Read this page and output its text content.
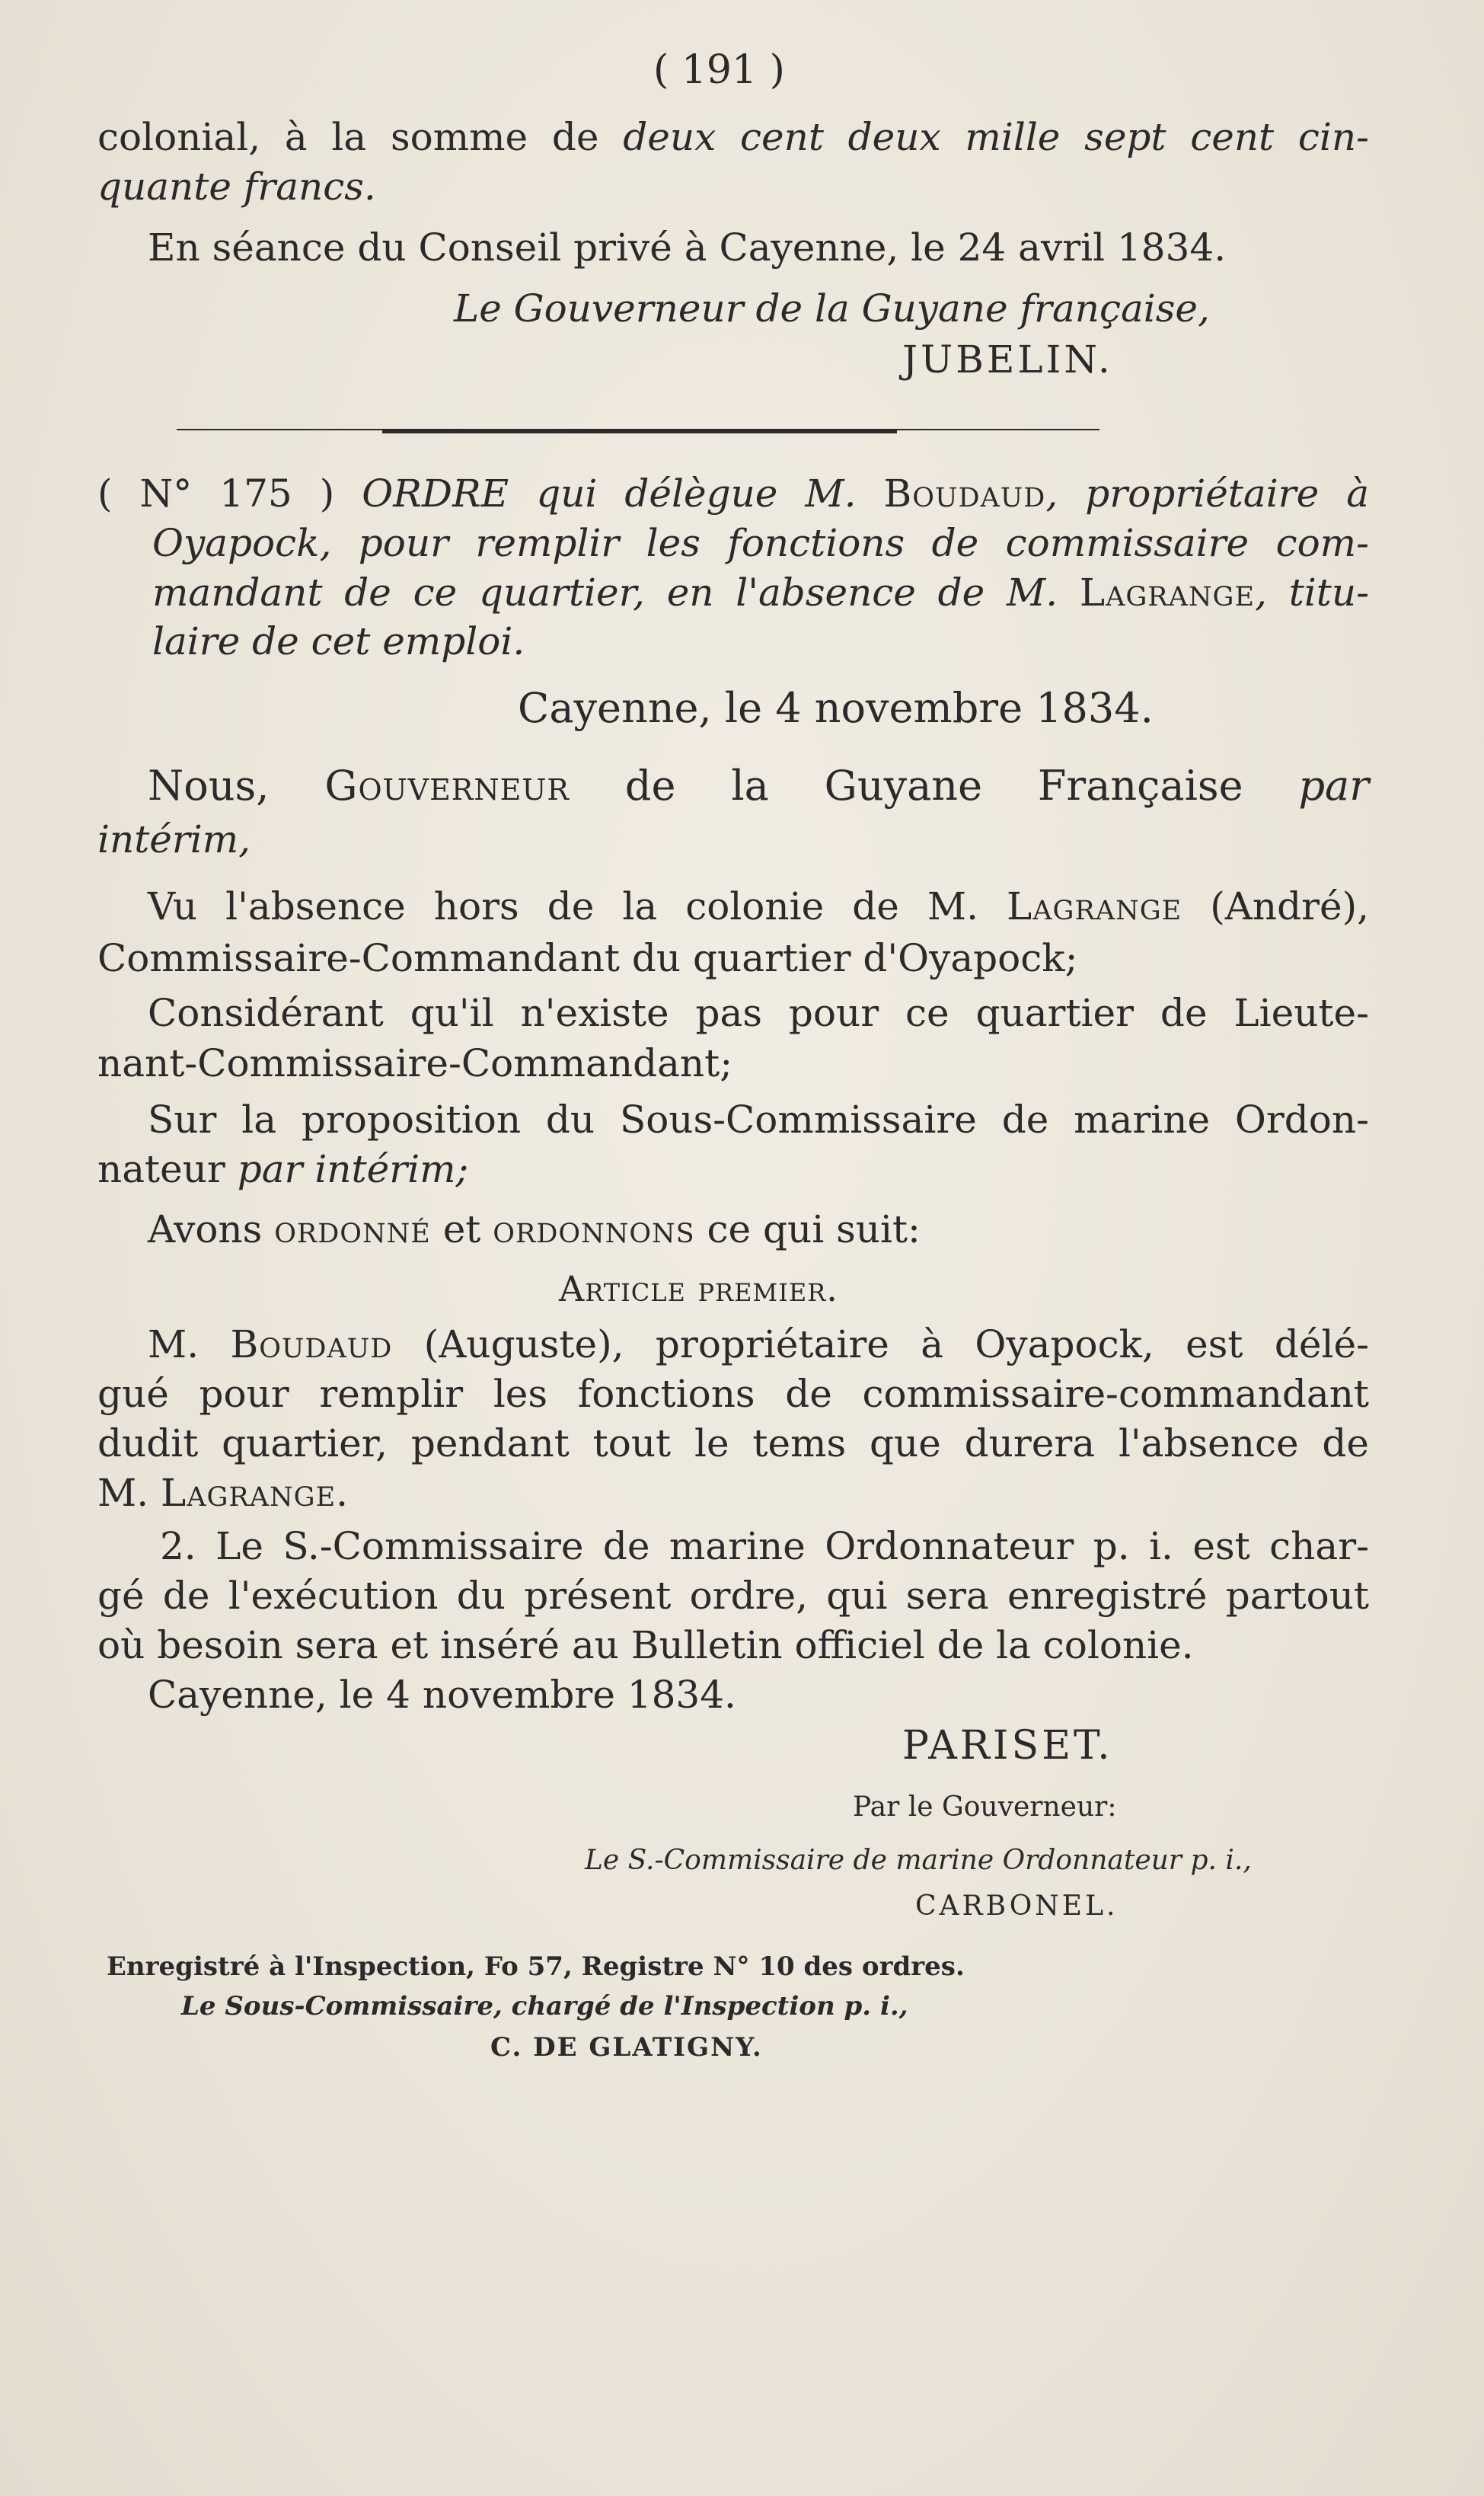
( 191 )
colonial, à la somme de deux cent deux mille sept cent cin-
quante francs.
En séance du Conseil privé à Cayenne, le 24 avril 1834.
Le Gouverneur de la Guyane française,
JUBELIN.
( N° 175 ) ORDRE qui délègue M. Boudaud, propriétaire à
Oyapock, pour remplir les fonctions de commissaire com-
mandant de ce quartier, en l'absence de M. Lagrange, titu-
laire de cet emploi.
Cayenne, le 4 novembre 1834.
Nous, Gouverneur de la Guyane Française par
intérim,
Vu l'absence hors de la colonie de M. Lagrange (André),
Commissaire-Commandant du quartier d'Oyapock;
Considérant qu'il n'existe pas pour ce quartier de Lieute-
nant-Commissaire-Commandant;
Sur la proposition du Sous-Commissaire de marine Ordon-
nateur par intérim;
Avons ordonné et ordonnons ce qui suit:
Article premier.
M. Boudaud (Auguste), propriétaire à Oyapock, est délé-
gué pour remplir les fonctions de commissaire-commandant
dudit quartier, pendant tout le tems que durera l'absence de
M. Lagrange.
2. Le S.-Commissaire de marine Ordonnateur p. i. est char-
gé de l'exécution du présent ordre, qui sera enregistré partout
où besoin sera et inséré au Bulletin officiel de la colonie.
Cayenne, le 4 novembre 1834.
PARISET.
Par le Gouverneur:
Le S.-Commissaire de marine Ordonnateur p. i.,
CARBONEL.
Enregistré à l'Inspection, Fo 57, Registre N° 10 des ordres.
Le Sous-Commissaire, chargé de l'Inspection p. i.,
C. DE GLATIGNY.
